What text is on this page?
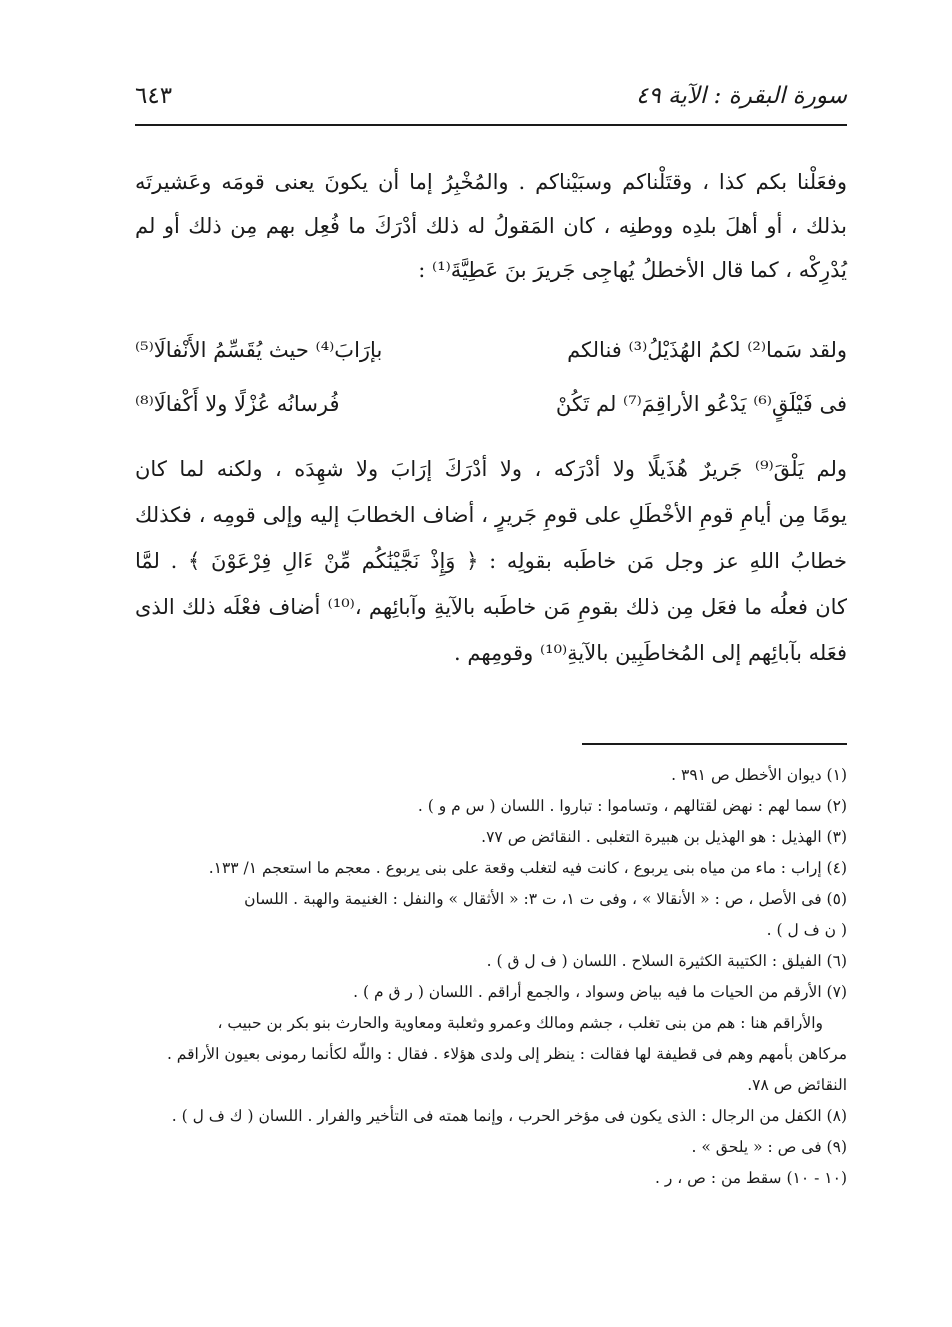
سورة البقرة : الآية ٤٩
٦٤٣

وفعَلْنا بكم كذا ، وقتَلْناكم وسبَيْناكم . والمُخْبِرُ إما أن يكونَ يعنى قومَه وعَشيرتَه

بذلك ، أو أهلَ بلدِه ووطنِه ، كان المَقولُ له ذلك أدْرَكَ ما فُعِل بهم مِن ذلك أو لم

يُدْرِكْه ، كما قال الأخطلُ يُهاجِى جَريرَ بنَ عَطِيَّةَ⁽¹⁾ :

ولقد سَما⁽²⁾ لكمُ الهُذَيْلُ⁽³⁾ فنالكم
بإرَابَ⁽⁴⁾ حيث يُقَسِّمُ الأَنْفالَا⁽⁵⁾
فى فَيْلَقٍ⁽⁶⁾ يَدْعُو الأراقِمَ⁽⁷⁾ لم تَكُنْ
فُرسانُه عُزْلًا ولا أَكْفالَا⁽⁸⁾

ولم يَلْقَ⁽⁹⁾ جَريرٌ هُذَيلًا ولا أدْرَكه ، ولا أدْرَكَ إرَابَ ولا شهِدَه ، ولكنه لما كان

يومًا مِن أيامِ قومِ الأخْطَلِ على قومِ جَريرٍ ، أضاف الخطابَ إليه وإلى قومِه ، فكذلك

خطابُ اللهِ عز وجل مَن خاطَبه بقولِه : ﴿ وَإِذْ نَجَّيْنَٰكُم مِّنْ ءَالِ فِرْعَوْنَ ﴾ . لمَّا

كان فعلُه ما فعَل مِن ذلك بقومِ مَن خاطَبه بالآيةِ وآبائِهم ،⁽¹⁰⁾ أضاف فعْلَه ذلك الذى

فعَله بآبائِهم إلى المُخاطَبِين بالآيةِ⁽¹⁰⁾ وقومِهم .

(١) ديوان الأخطل ص ٣٩١ .

(٢) سما لهم : نهض لقتالهم ، وتساموا : تباروا . اللسان ( س م و ) .

(٣) الهذيل : هو الهذيل بن هبيرة التغلبى . النقائض ص ٧٧.

(٤) إراب : ماء من مياه بنى يربوع ، كانت فيه لتغلب وقعة على بنى يربوع . معجم ما استعجم ١/ ١٣٣.

(٥) فى الأصل ، ص : « الأنقالا » ، وفى ت ١، ت ٣: « الأثقال » والنفل : الغنيمة والهبة . اللسان

( ن ف ل ) .

(٦) الفيلق : الكتيبة الكثيرة السلاح . اللسان ( ف ل ق ) .

(٧) الأرقم من الحيات ما فيه بياض وسواد ، والجمع أراقم . اللسان ( ر ق م ) .

والأراقم هنا : هم من بنى تغلب ، جشم ومالك وعمرو وثعلبة ومعاوية والحارث بنو بكر بن حبيب ،

مركاهن بأمهم وهم فى قطيفة لها فقالت : ينظر إلى ولدى هؤلاء . فقال : واللّه لكأنما رمونى بعيون الأراقم .

النقائض ص ٧٨.

(٨) الكفل من الرجال : الذى يكون فى مؤخر الحرب ، وإنما همته فى التأخير والفرار . اللسان ( ك ف ل ) .

(٩) فى ص : « يلحق » .

(١٠ - ١٠) سقط من : ص ، ر .
